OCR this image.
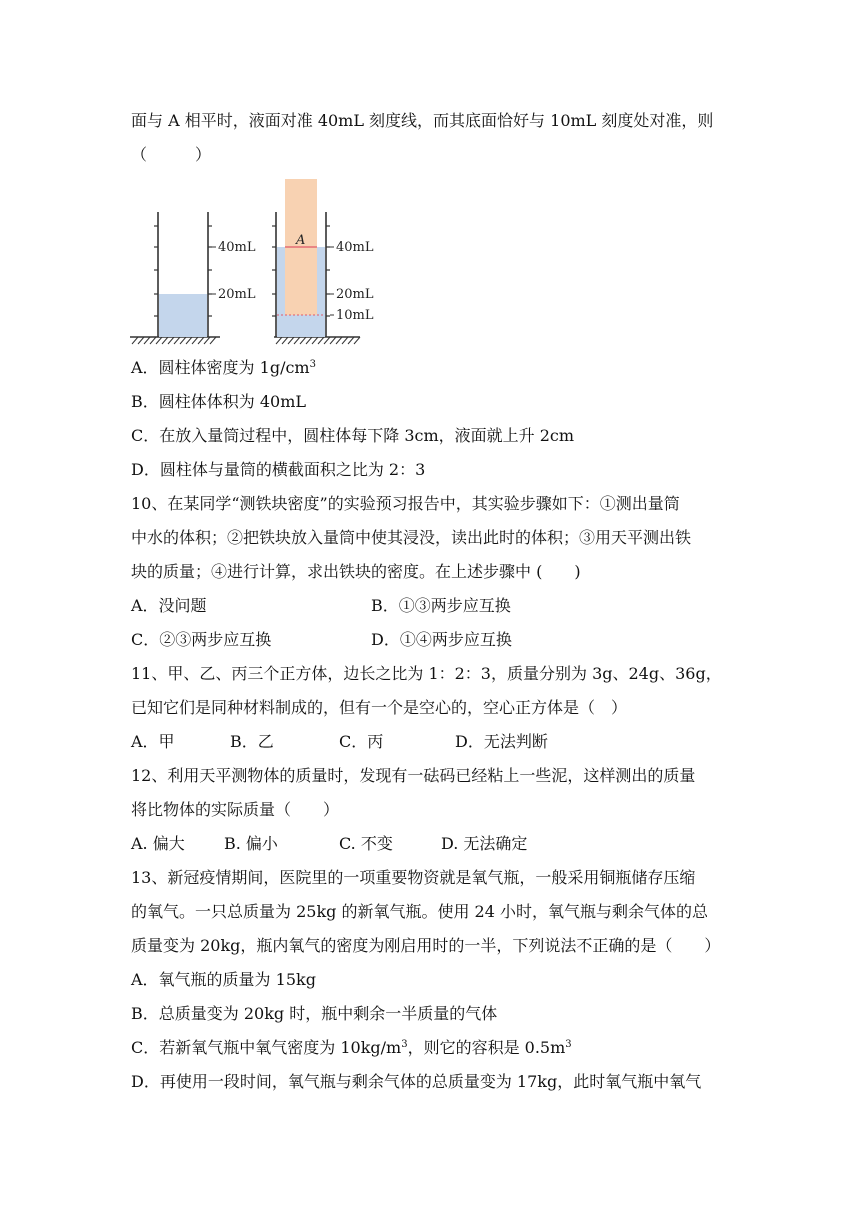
面与 A 相平时，液面对准 40mL 刻度线，而其底面恰好与 10mL 刻度处对准，则
（　　　）
40mL
20mL
A 40mL
20mL
10mL
A．圆柱体密度为 $1g/cm^3$
B．圆柱体体积为 40mL
C．在放入量筒过程中，圆柱体每下降 3cm，液面就上升 2cm
D．圆柱体与量筒的横截面积之比为 2：3
10、在某同学“测铁块密度”的实验预习报告中，其实验步骤如下：①测出量筒
中水的体积；②把铁块放入量筒中使其浸没，读出此时的体积；③用天平测出铁
块的质量；④进行计算，求出铁块的密度。在上述步骤中 (　　)

A．没问题

	B．①③两步应互换

C．②③两步应互换

	D．①④两步应互换

11、甲、乙、丙三个正方体，边长之比为 1：2：3，质量分别为 3g、24g、36g，
已知它们是同种材料制成的，但有一个是空心的，空心正方体是（　）

A．甲

	B．乙

	C．丙

	D．无法判断

12、利用天平测物体的质量时，发现有一砝码已经粘上一些泥，这样测出的质量
将比物体的实际质量（　　）

A. 偏大

B. 偏小

	C. 不变

	D. 无法确定

13、新冠疫情期间，医院里的一项重要物资就是氧气瓶，一般采用铜瓶储存压缩
的氧气。一只总质量为 25kg 的新氧气瓶。使用 24 小时，氧气瓶与剩余气体的总
质量变为 20kg，瓶内氧气的密度为刚启用时的一半，下列说法不正确的是（　　）
A．氧气瓶的质量为 15kg
B．总质量变为 20kg 时，瓶中剩余一半质量的气体
C．若新氧气瓶中氧气密度为 $10kg/m^3$，则它的容积是 $0.5m^3$
D．再使用一段时间，氧气瓶与剩余气体的总质量变为 17kg，此时氧气瓶中氧气
